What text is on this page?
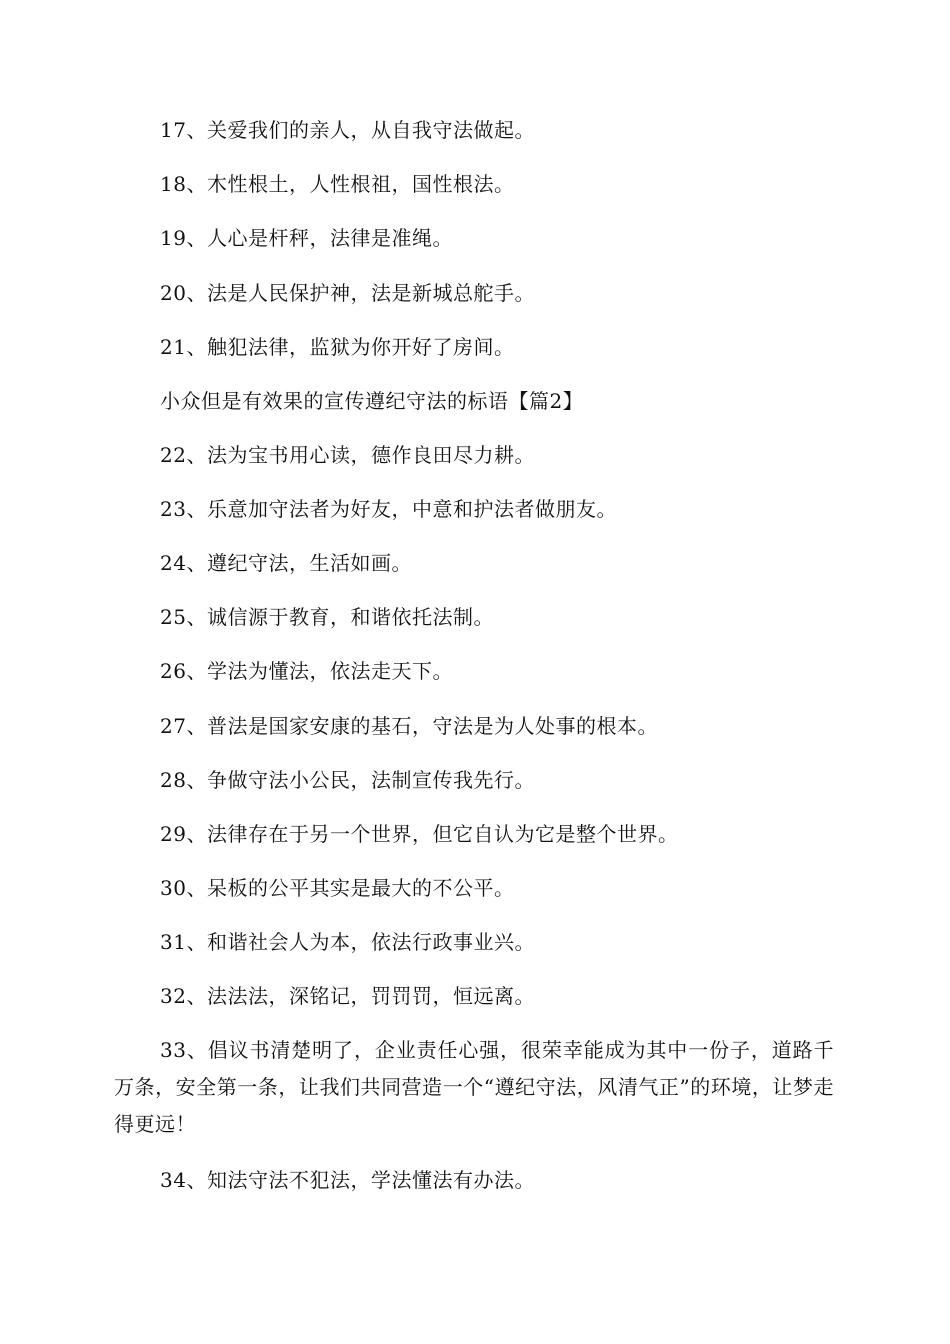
17、关爱我们的亲人，从自我守法做起。
18、木性根土，人性根祖，国性根法。
19、人心是杆秤，法律是准绳。
20、法是人民保护神，法是新城总舵手。
21、触犯法律，监狱为你开好了房间。
小众但是有效果的宣传遵纪守法的标语【篇2】
22、法为宝书用心读，德作良田尽力耕。
23、乐意加守法者为好友，中意和护法者做朋友。
24、遵纪守法，生活如画。
25、诚信源于教育，和谐依托法制。
26、学法为懂法，依法走天下。
27、普法是国家安康的基石，守法是为人处事的根本。
28、争做守法小公民，法制宣传我先行。
29、法律存在于另一个世界，但它自认为它是整个世界。
30、呆板的公平其实是最大的不公平。
31、和谐社会人为本，依法行政事业兴。
32、法法法，深铭记，罚罚罚，恒远离。
33、倡议书清楚明了，企业责任心强，很荣幸能成为其中一份子，道路千万条，安全第一条，让我们共同营造一个“遵纪守法，风清气正”的环境，让梦走得更远！
34、知法守法不犯法，学法懂法有办法。
